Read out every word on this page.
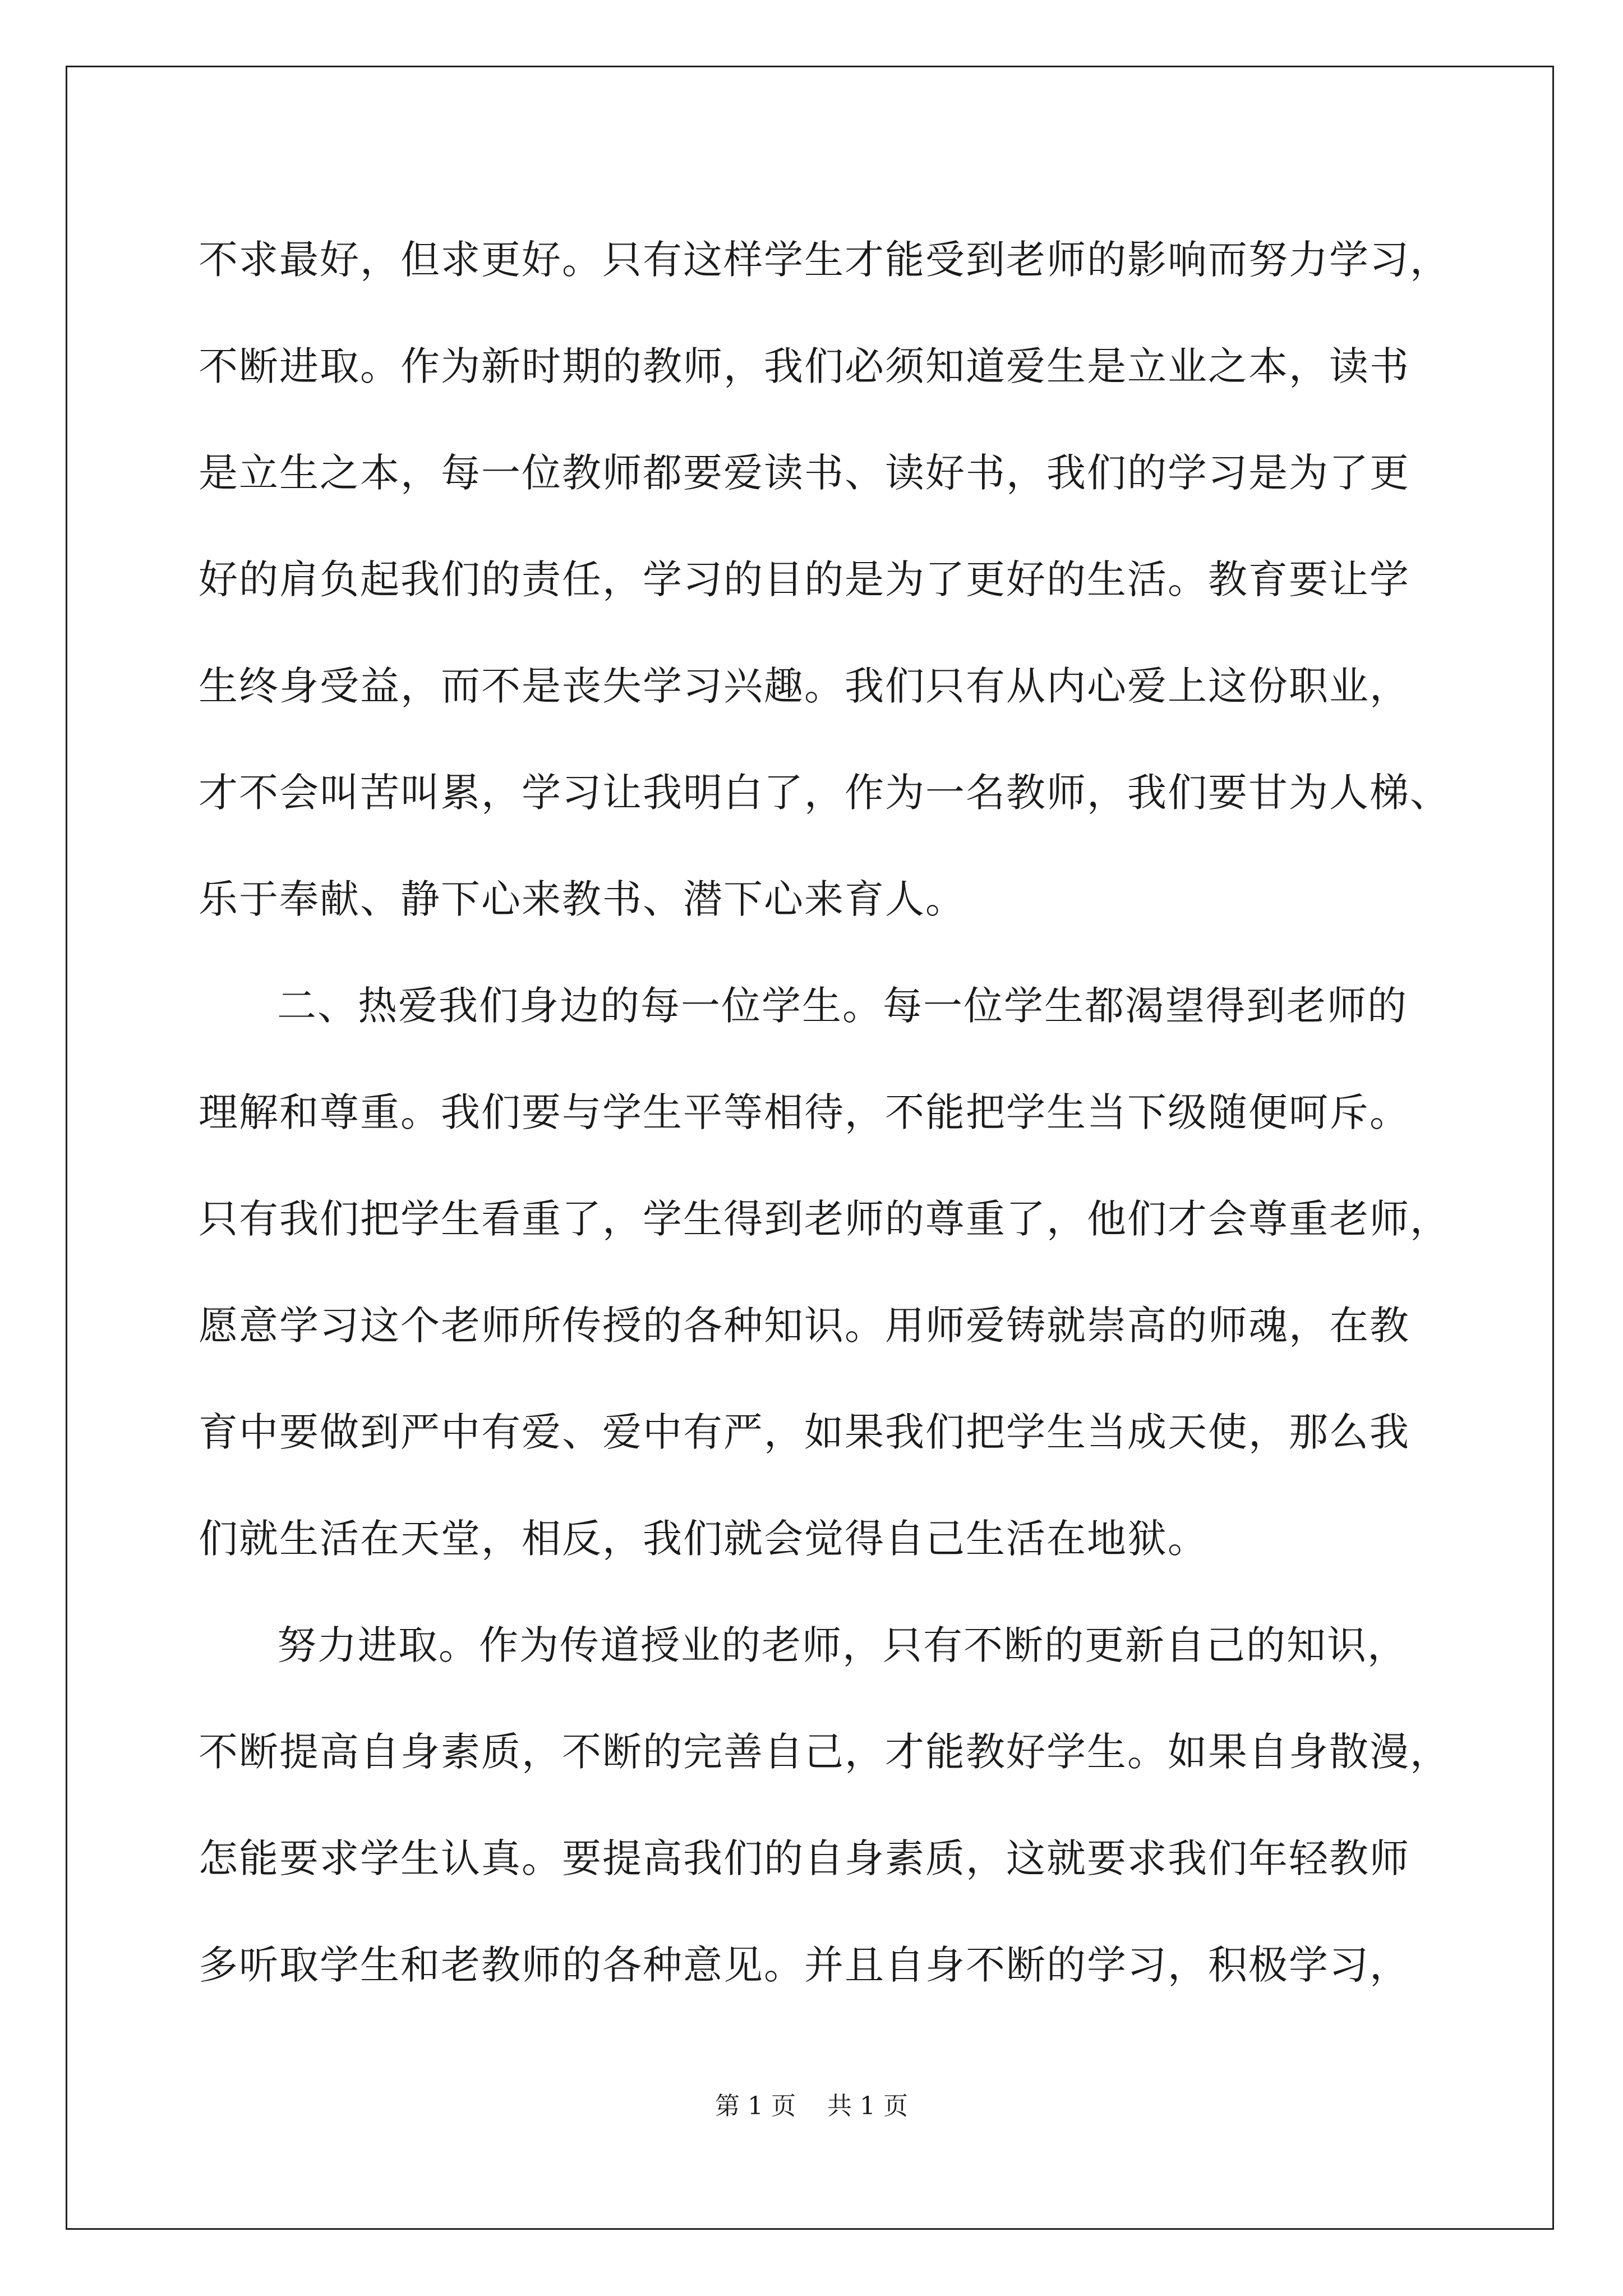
不求最好，但求更好。只有这样学生才能受到老师的影响而努力学习，
不断进取。作为新时期的教师，我们必须知道爱生是立业之本，读书
是立生之本，每一位教师都要爱读书、读好书，我们的学习是为了更
好的肩负起我们的责任，学习的目的是为了更好的生活。教育要让学
生终身受益，而不是丧失学习兴趣。我们只有从内心爱上这份职业，
才不会叫苦叫累，学习让我明白了，作为一名教师，我们要甘为人梯、
乐于奉献、静下心来教书、潜下心来育人。
二、热爱我们身边的每一位学生。每一位学生都渴望得到老师的
理解和尊重。我们要与学生平等相待，不能把学生当下级随便呵斥。
只有我们把学生看重了，学生得到老师的尊重了，他们才会尊重老师，
愿意学习这个老师所传授的各种知识。用师爱铸就崇高的师魂，在教
育中要做到严中有爱、爱中有严，如果我们把学生当成天使，那么我
们就生活在天堂，相反，我们就会觉得自己生活在地狱。
努力进取。作为传道授业的老师，只有不断的更新自己的知识，
不断提高自身素质，不断的完善自己，才能教好学生。如果自身散漫，
怎能要求学生认真。要提高我们的自身素质，这就要求我们年轻教师
多听取学生和老教师的各种意见。并且自身不断的学习，积极学习，
第 1 页 共 1 页
